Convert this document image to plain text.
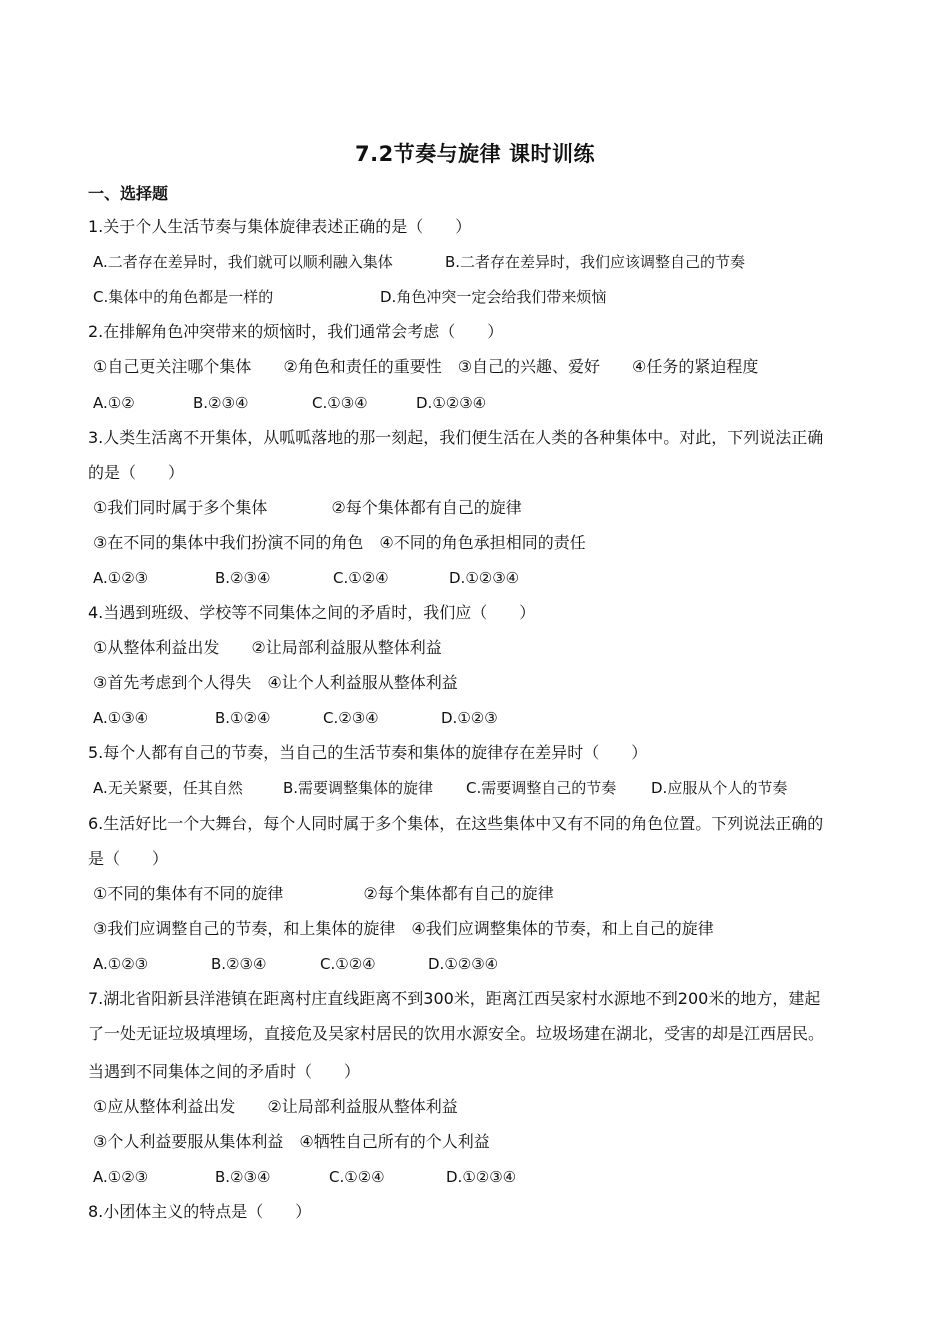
7.2节奏与旋律 课时训练
一、选择题
1.关于个人生活节奏与集体旋律表述正确的是（　　）
A.二者存在差异时，我们就可以顺利融入集体	B.二者存在差异时，我们应该调整自己的节奏
C.集体中的角色都是一样的	D.角色冲突一定会给我们带来烦恼
2.在排解角色冲突带来的烦恼时，我们通常会考虑（　　）
①自己更关注哪个集体　　②角色和责任的重要性　③自己的兴趣、爱好　　④任务的紧迫程度
A.①②	B.②③④	C.①③④	D.①②③④
3.人类生活离不开集体，从呱呱落地的那一刻起，我们便生活在人类的各种集体中。对此，下列说法正确
的是（　　）
①我们同时属于多个集体　　　　②每个集体都有自己的旋律
③在不同的集体中我们扮演不同的角色　④不同的角色承担相同的责任
A.①②③	B.②③④	C.①②④	D.①②③④
4.当遇到班级、学校等不同集体之间的矛盾时，我们应（　　）
①从整体利益出发　　②让局部利益服从整体利益
③首先考虑到个人得失　④让个人利益服从整体利益
A.①③④	B.①②④	C.②③④	D.①②③
5.每个人都有自己的节奏，当自己的生活节奏和集体的旋律存在差异时（　　）
A.无关紧要，任其自然	B.需要调整集体的旋律 C.需要调整自己的节奏 D.应服从个人的节奏
6.生活好比一个大舞台，每个人同时属于多个集体，在这些集体中又有不同的角色位置。下列说法正确的
是（　　）
①不同的集体有不同的旋律　　　　　②每个集体都有自己的旋律
③我们应调整自己的节奏，和上集体的旋律　④我们应调整集体的节奏，和上自己的旋律
A.①②③	B.②③④	C.①②④	D.①②③④
7.湖北省阳新县洋港镇在距离村庄直线距离不到300米，距离江西吴家村水源地不到200米的地方，建起
了一处无证垃圾填埋场，直接危及吴家村居民的饮用水源安全。垃圾场建在湖北，受害的却是江西居民。
当遇到不同集体之间的矛盾时（　　）
①应从整体利益出发　　②让局部利益服从整体利益
③个人利益要服从集体利益　④牺牲自己所有的个人利益
A.①②③	B.②③④	C.①②④	D.①②③④
8.小团体主义的特点是（　　）
